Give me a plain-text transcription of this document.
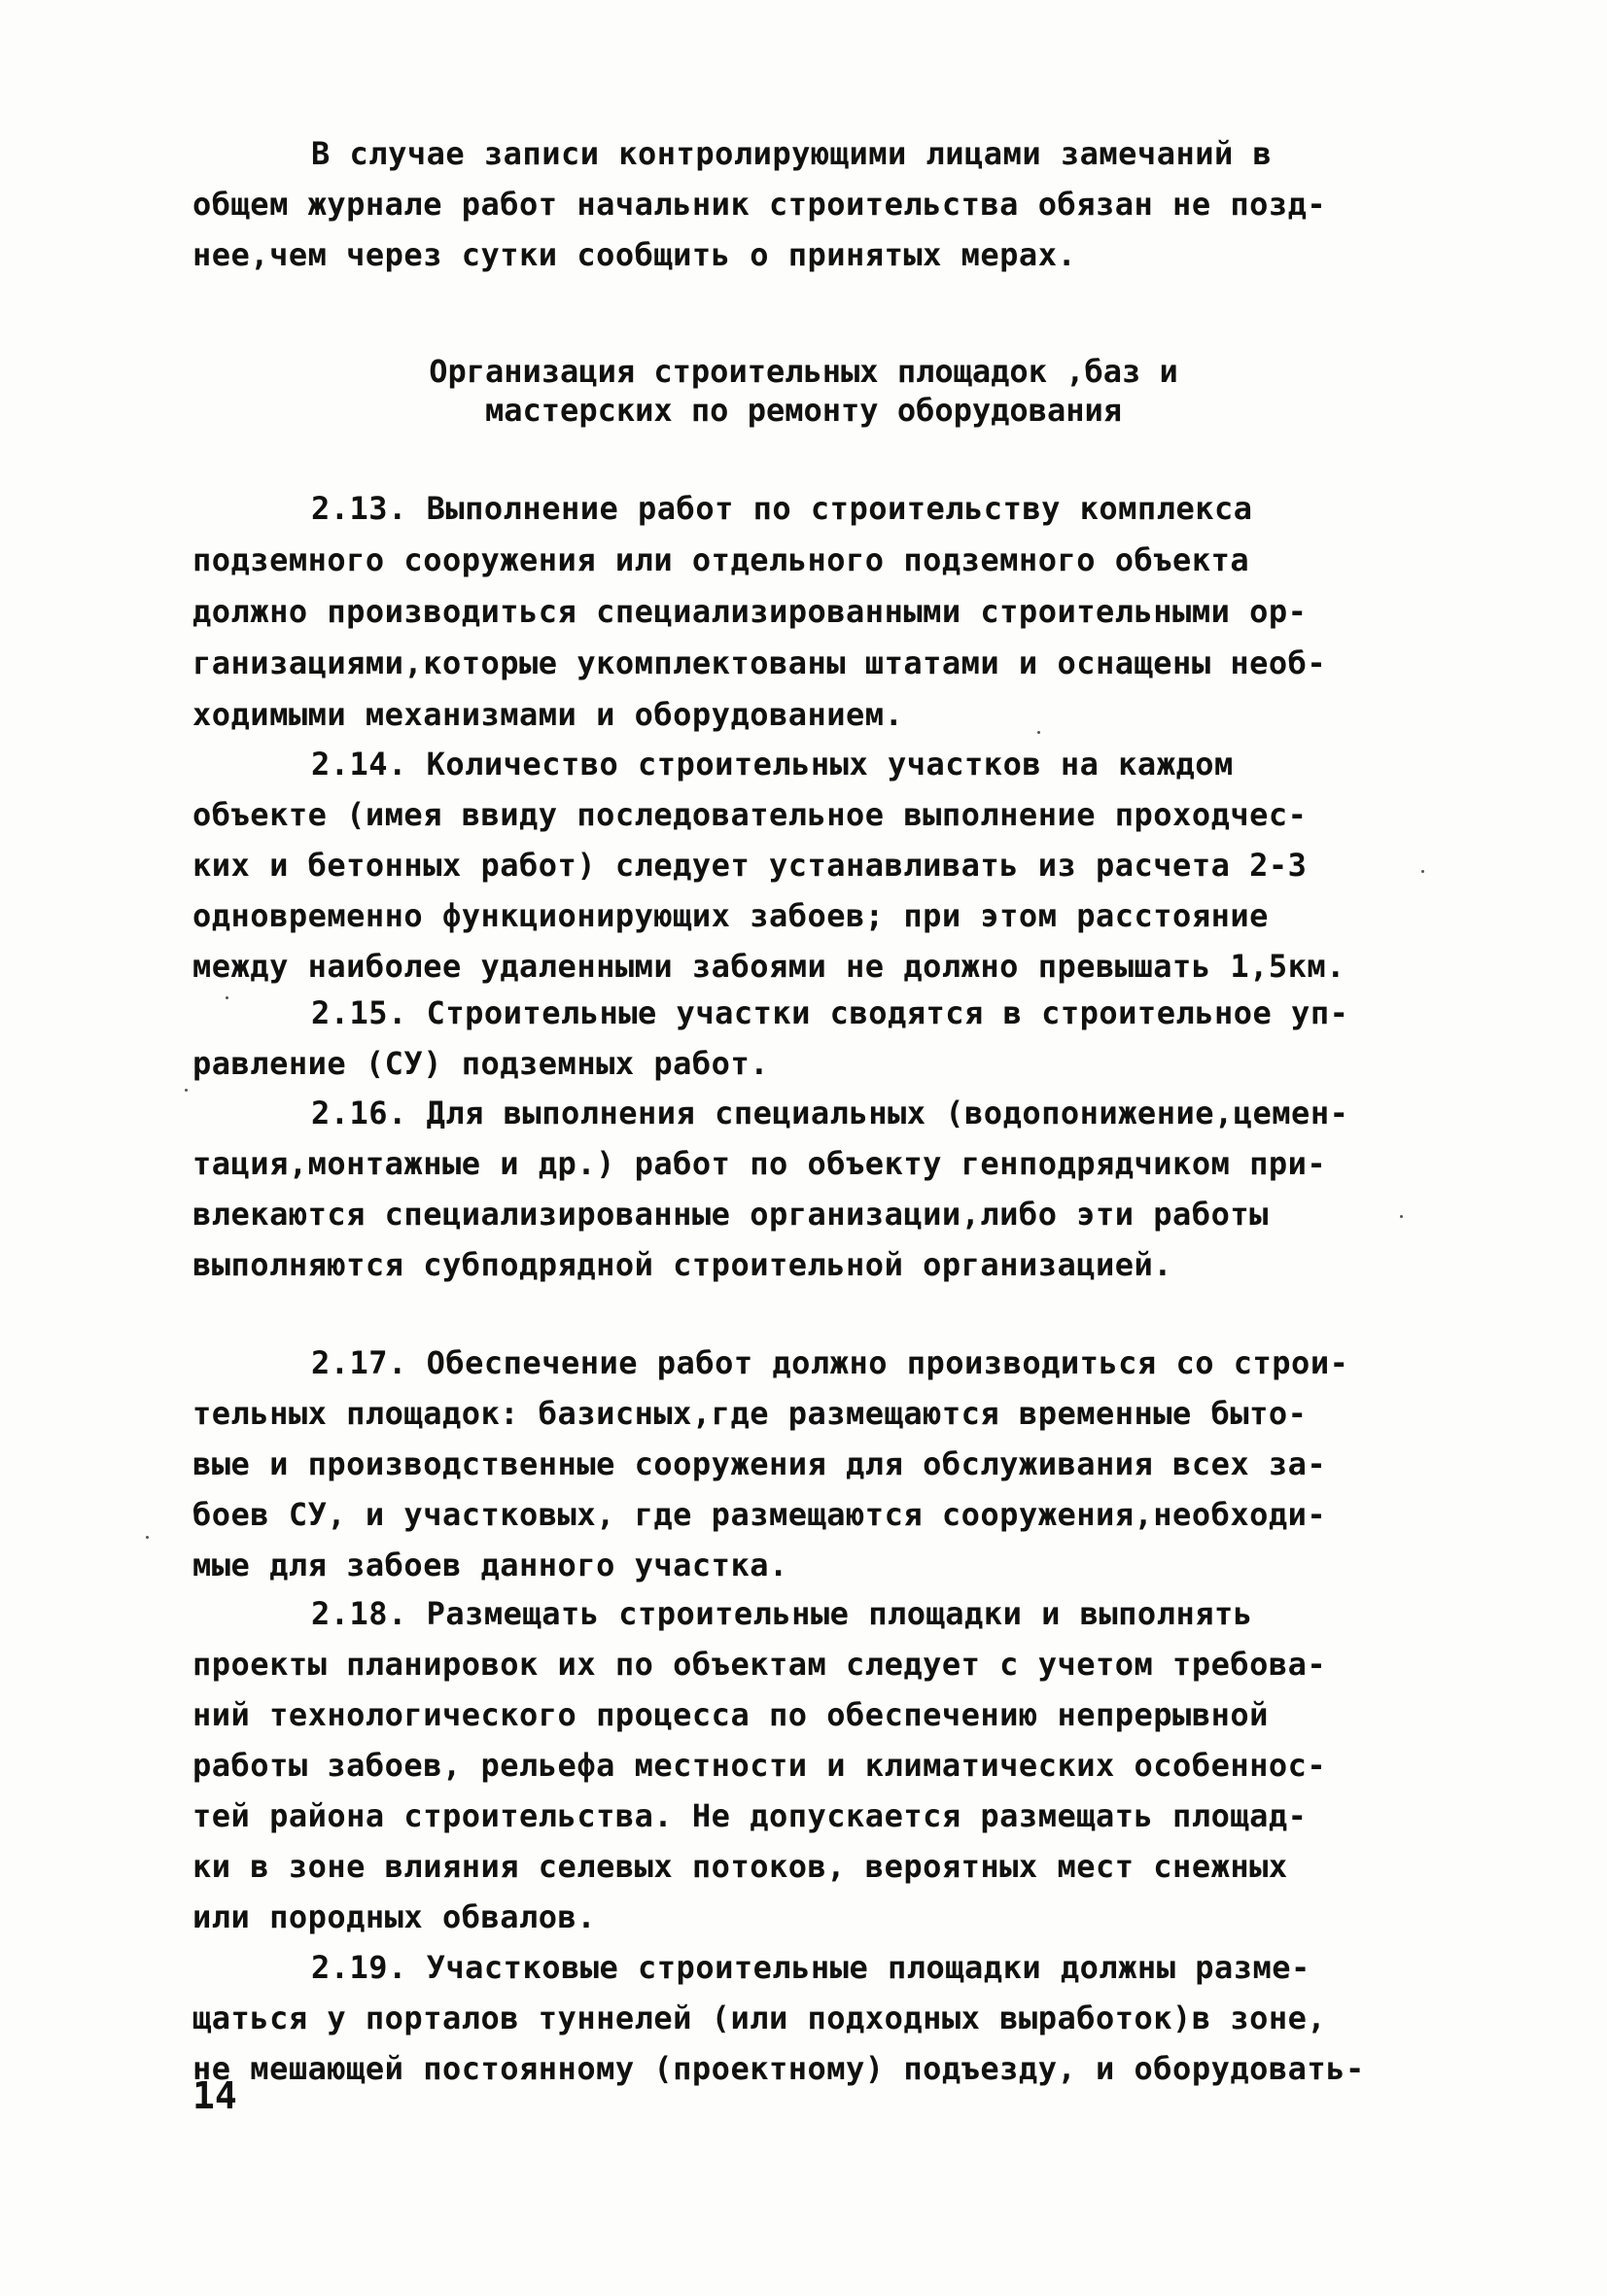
В случае записи контролирующими лицами замечаний в
общем журнале работ начальник строительства обязан не позд-
нее,чем через сутки сообщить о принятых мерах.
Организация строительных площадок ,баз и
мастерских по ремонту оборудования
2.13. Выполнение работ по строительству комплекса
подземного сооружения или отдельного подземного объекта
должно производиться специализированными строительными ор-
ганизациями,которые укомплектованы штатами и оснащены необ-
ходимыми механизмами и оборудованием.
2.14. Количество строительных участков на каждом
объекте (имея ввиду последовательное выполнение проходчес-
ких и бетонных работ) следует устанавливать из расчета 2-3
одновременно функционирующих забоев; при этом расстояние
между наиболее удаленными забоями не должно превышать 1,5км.
2.15. Строительные участки сводятся в строительное уп-
равление (СУ) подземных работ.
2.16. Для выполнения специальных (водопонижение,цемен-
тация,монтажные и др.) работ по объекту генподрядчиком при-
влекаются специализированные организации,либо эти работы
выполняются субподрядной строительной организацией.
2.17. Обеспечение работ должно производиться со строи-
тельных площадок: базисных,где размещаются временные быто-
вые и производственные сооружения для обслуживания всех за-
боев СУ, и участковых, где размещаются сооружения,необходи-
мые для забоев данного участка.
2.18. Размещать строительные площадки и выполнять
проекты планировок их по объектам следует с учетом требова-
ний технологического процесса по обеспечению непрерывной
работы забоев, рельефа местности и климатических особеннос-
тей района строительства. Не допускается размещать площад-
ки в зоне влияния селевых потоков, вероятных мест снежных
или породных обвалов.
2.19. Участковые строительные площадки должны разме-
щаться у порталов туннелей (или подходных выработок)в зоне,
не мешающей постоянному (проектному) подъезду, и оборудовать-
14
